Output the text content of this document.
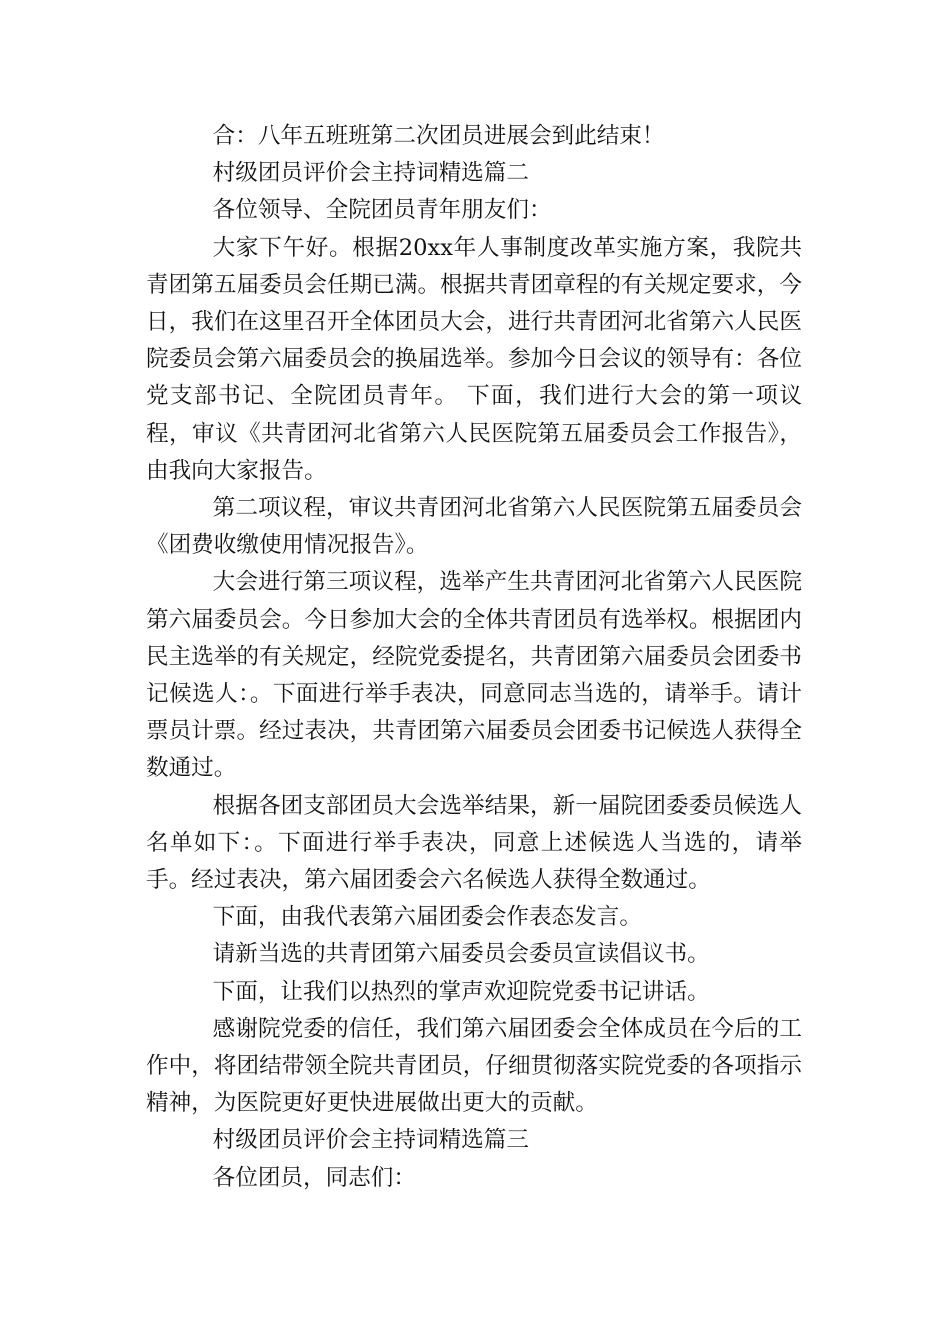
合：八年五班班第二次团员进展会到此结束！

村级团员评价会主持词精选篇二

各位领导、全院团员青年朋友们：

大家下午好。根据20xx年人事制度改革实施方案，我院共青团第五届委员会任期已满。根据共青团章程的有关规定要求，今日，我们在这里召开全体团员大会，进行共青团河北省第六人民医院委员会第六届委员会的换届选举。参加今日会议的领导有：各位党支部书记、全院团员青年。 下面，我们进行大会的第一项议程，审议《共青团河北省第六人民医院第五届委员会工作报告》，由我向大家报告。

第二项议程，审议共青团河北省第六人民医院第五届委员会《团费收缴使用情况报告》。

大会进行第三项议程，选举产生共青团河北省第六人民医院第六届委员会。今日参加大会的全体共青团员有选举权。根据团内民主选举的有关规定，经院党委提名，共青团第六届委员会团委书记候选人：。下面进行举手表决，同意同志当选的，请举手。请计票员计票。经过表决，共青团第六届委员会团委书记候选人获得全数通过。

根据各团支部团员大会选举结果，新一届院团委委员候选人名单如下：。下面进行举手表决，同意上述候选人当选的，请举手。经过表决，第六届团委会六名候选人获得全数通过。

下面，由我代表第六届团委会作表态发言。

请新当选的共青团第六届委员会委员宣读倡议书。

下面，让我们以热烈的掌声欢迎院党委书记讲话。

感谢院党委的信任，我们第六届团委会全体成员在今后的工作中，将团结带领全院共青团员，仔细贯彻落实院党委的各项指示精神，为医院更好更快进展做出更大的贡献。

村级团员评价会主持词精选篇三

各位团员，同志们：
